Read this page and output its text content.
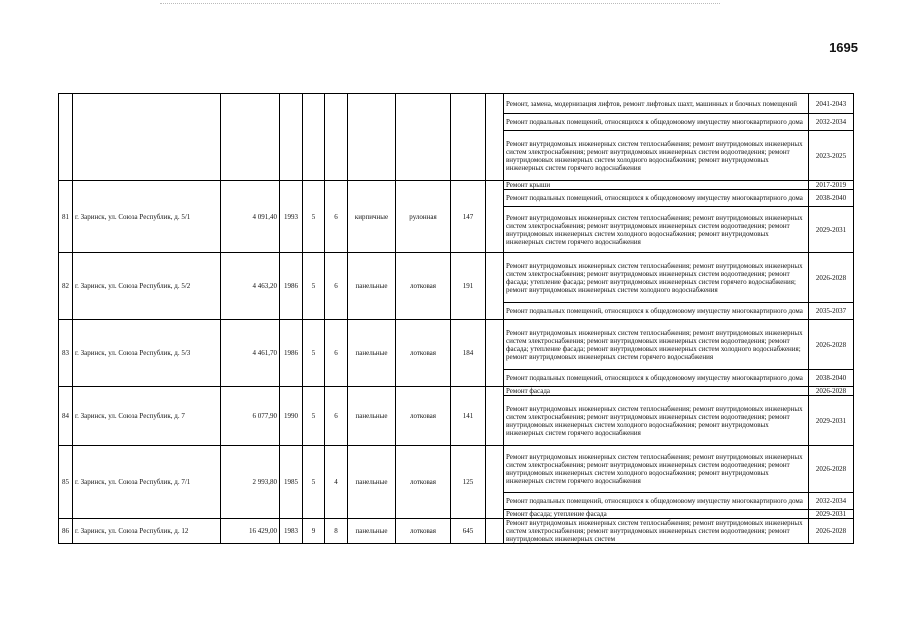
1695
										Ремонт, замена, модернизация лифтов, ремонт лифтовых шахт, машинных и блочных помещений	2041-2043
										Ремонт подвальных помещений, относящихся к общедомовому имуществу многоквартирного дома	2032-2034
										Ремонт внутридомовых инженерных систем теплоснабжения; ремонт внутридомовых инженерных систем электроснабжения; ремонт внутридомовых инженерных систем водоотведения; ремонт внутридомовых инженерных систем холодного водоснабжения; ремонт внутридомовых инженерных систем горячего водоснабжения	2023-2025
81	г. Заринск, ул. Союза Республик, д. 5/1	4 091,40	1993	5	6	кирпичные	рулонная	147		Ремонт крыши	2017-2019
										Ремонт подвальных помещений, относящихся к общедомовому имуществу многоквартирного дома	2038-2040
										Ремонт внутридомовых инженерных систем теплоснабжения; ремонт внутридомовых инженерных систем электроснабжения; ремонт внутридомовых инженерных систем водоотведения; ремонт внутридомовых инженерных систем холодного водоснабжения; ремонт внутридомовых инженерных систем горячего водоснабжения	2029-2031
82	г. Заринск, ул. Союза Республик, д. 5/2	4 463,20	1986	5	6	панельные	лотковая	191		Ремонт внутридомовых инженерных систем теплоснабжения; ремонт внутридомовых инженерных систем электроснабжения; ремонт внутридомовых инженерных систем водоотведения; ремонт фасада; утепление фасада; ремонт внутридомовых инженерных систем горячего водоснабжения; ремонт внутридомовых инженерных систем холодного водоснабжения	2026-2028
										Ремонт подвальных помещений, относящихся к общедомовому имуществу многоквартирного дома	2035-2037
83	г. Заринск, ул. Союза Республик, д. 5/3	4 461,70	1986	5	6	панельные	лотковая	184		Ремонт внутридомовых инженерных систем теплоснабжения; ремонт внутридомовых инженерных систем электроснабжения; ремонт внутридомовых инженерных систем водоотведения; ремонт фасада; утепление фасада; ремонт внутридомовых инженерных систем холодного водоснабжения; ремонт внутридомовых инженерных систем горячего водоснабжения	2026-2028
										Ремонт подвальных помещений, относящихся к общедомовому имуществу многоквартирного дома	2038-2040
84	г. Заринск, ул. Союза Республик, д. 7	6 077,90	1990	5	6	панельные	лотковая	141		Ремонт фасада	2026-2028
										Ремонт внутридомовых инженерных систем теплоснабжения; ремонт внутридомовых инженерных систем электроснабжения; ремонт внутридомовых инженерных систем водоотведения; ремонт внутридомовых инженерных систем холодного водоснабжения; ремонт внутридомовых инженерных систем горячего водоснабжения	2029-2031
85	г. Заринск, ул. Союза Республик, д. 7/1	2 993,80	1985	5	4	панельные	лотковая	125		Ремонт внутридомовых инженерных систем теплоснабжения; ремонт внутридомовых инженерных систем электроснабжения; ремонт внутридомовых инженерных систем водоотведения; ремонт внутридомовых инженерных систем холодного водоснабжения; ремонт внутридомовых инженерных систем горячего водоснабжения	2026-2028
										Ремонт подвальных помещений, относящихся к общедомовому имуществу многоквартирного дома	2032-2034
										Ремонт фасада; утепление фасада	2029-2031
86	г. Заринск, ул. Союза Республик, д. 12	16 429,00	1983	9	8	панельные	лотковая	645		Ремонт внутридомовых инженерных систем теплоснабжения; ремонт внутридомовых инженерных систем электроснабжения; ремонт внутридомовых инженерных систем водоотведения; ремонт внутридомовых инженерных систем	2026-2028
